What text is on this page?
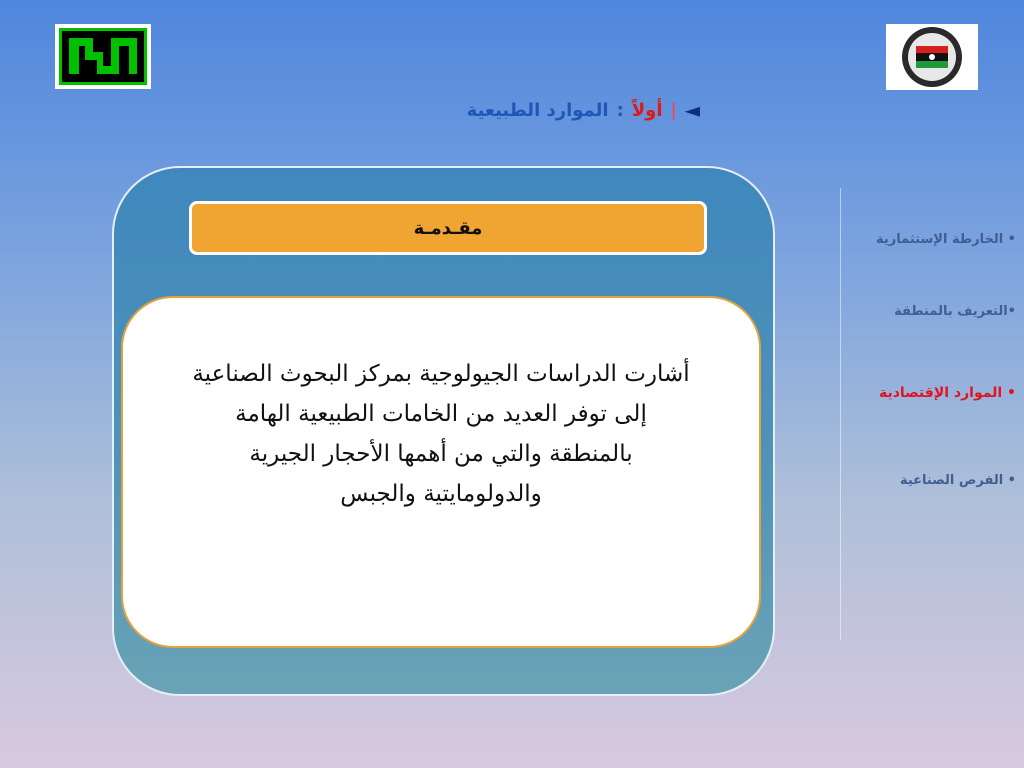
◄
|
أولاً
:
الموارد الطبيعية
مقـدمـة
أشارت الدراسات الجيولوجية بمركز البحوث الصناعية إلى توفر العديد من الخامات الطبيعية الهامة بالمنطقة والتي من أهمها الأحجار الجيرية والدولومايتية والجبس
• الخارطة الإستثمارية
•التعريف بالمنطقة
• الموارد الإقتصادية
• الفرص الصناعية
